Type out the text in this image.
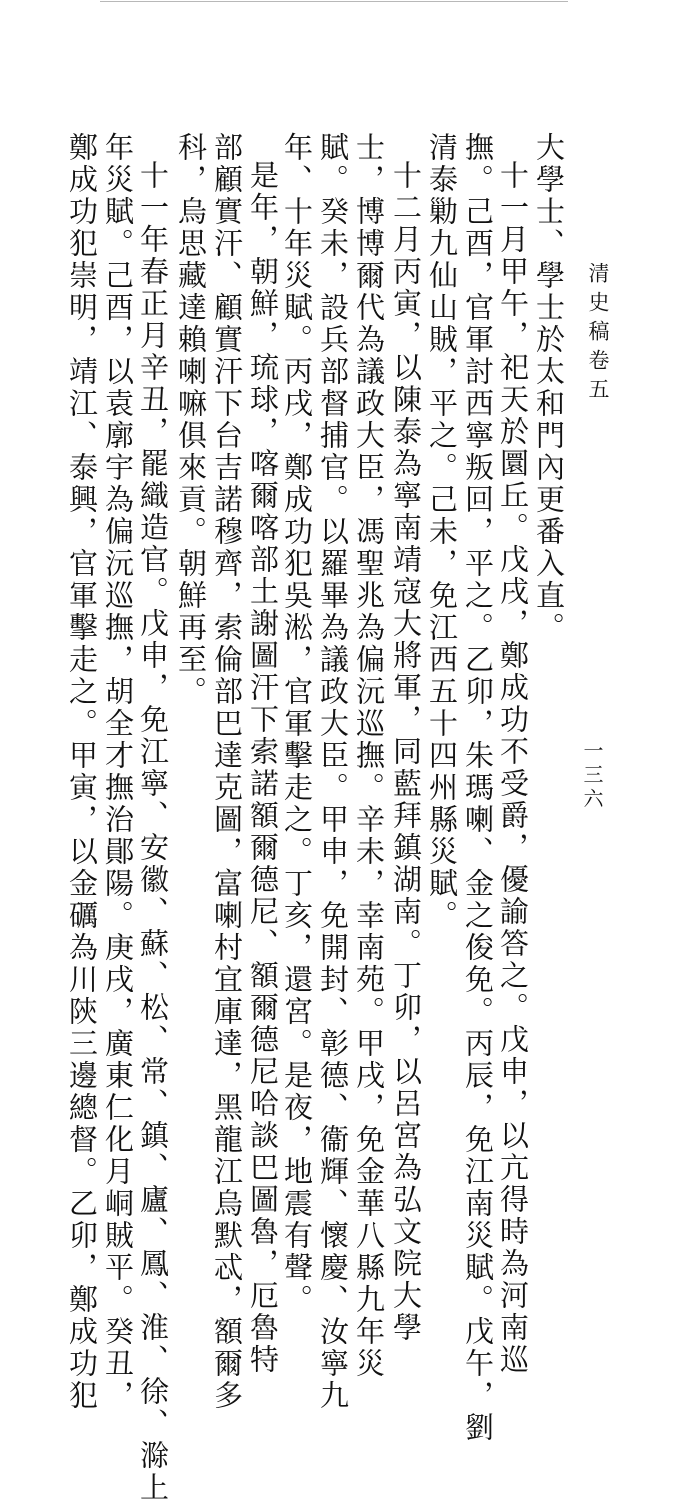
清史稿卷五
一三六
大學士、學士於太和門內更番入直。
十一月甲午，祀天於圜丘。戊戌，鄭成功不受爵，優諭答之。戊申，以亢得時為河南巡
撫。己酉，官軍討西寧叛回，平之。乙卯，朱瑪喇、金之俊免。丙辰，免江南災賦。戊午，劉
清泰勦九仙山賊，平之。己未，免江西五十四州縣災賦。
十二月丙寅，以陳泰為寧南靖寇大將軍，同藍拜鎮湖南。丁卯，以呂宮為弘文院大學
士，博博爾代為議政大臣，馮聖兆為偏沅巡撫。辛未，幸南苑。甲戌，免金華八縣九年災
賦。癸未，設兵部督捕官。以羅畢為議政大臣。甲申，免開封、彰德、衞輝、懷慶、汝寧九
年、十年災賦。丙戌，鄭成功犯吳淞，官軍擊走之。丁亥，還宮。是夜，地震有聲。
是年，朝鮮，琉球，喀爾喀部土謝圖汗下索諾額爾德尼、額爾德尼哈談巴圖魯，厄魯特
部顧實汗、顧實汗下台吉諾穆齊，索倫部巴達克圖，富喇村宜庫達，黑龍江烏默忒，額爾多
科，烏思藏達賴喇嘛俱來貢。朝鮮再至。
十一年春正月辛丑，罷織造官。戊申，免江寧、安徽、蘇、松、常、鎮、廬、鳳、淮、徐、滁上
年災賦。己酉，以袁廓宇為偏沅巡撫，胡全才撫治鄖陽。庚戌，廣東仁化月峒賊平。癸丑，
鄭成功犯崇明，靖江、泰興，官軍擊走之。甲寅，以金礪為川陝三邊總督。乙卯，鄭成功犯
